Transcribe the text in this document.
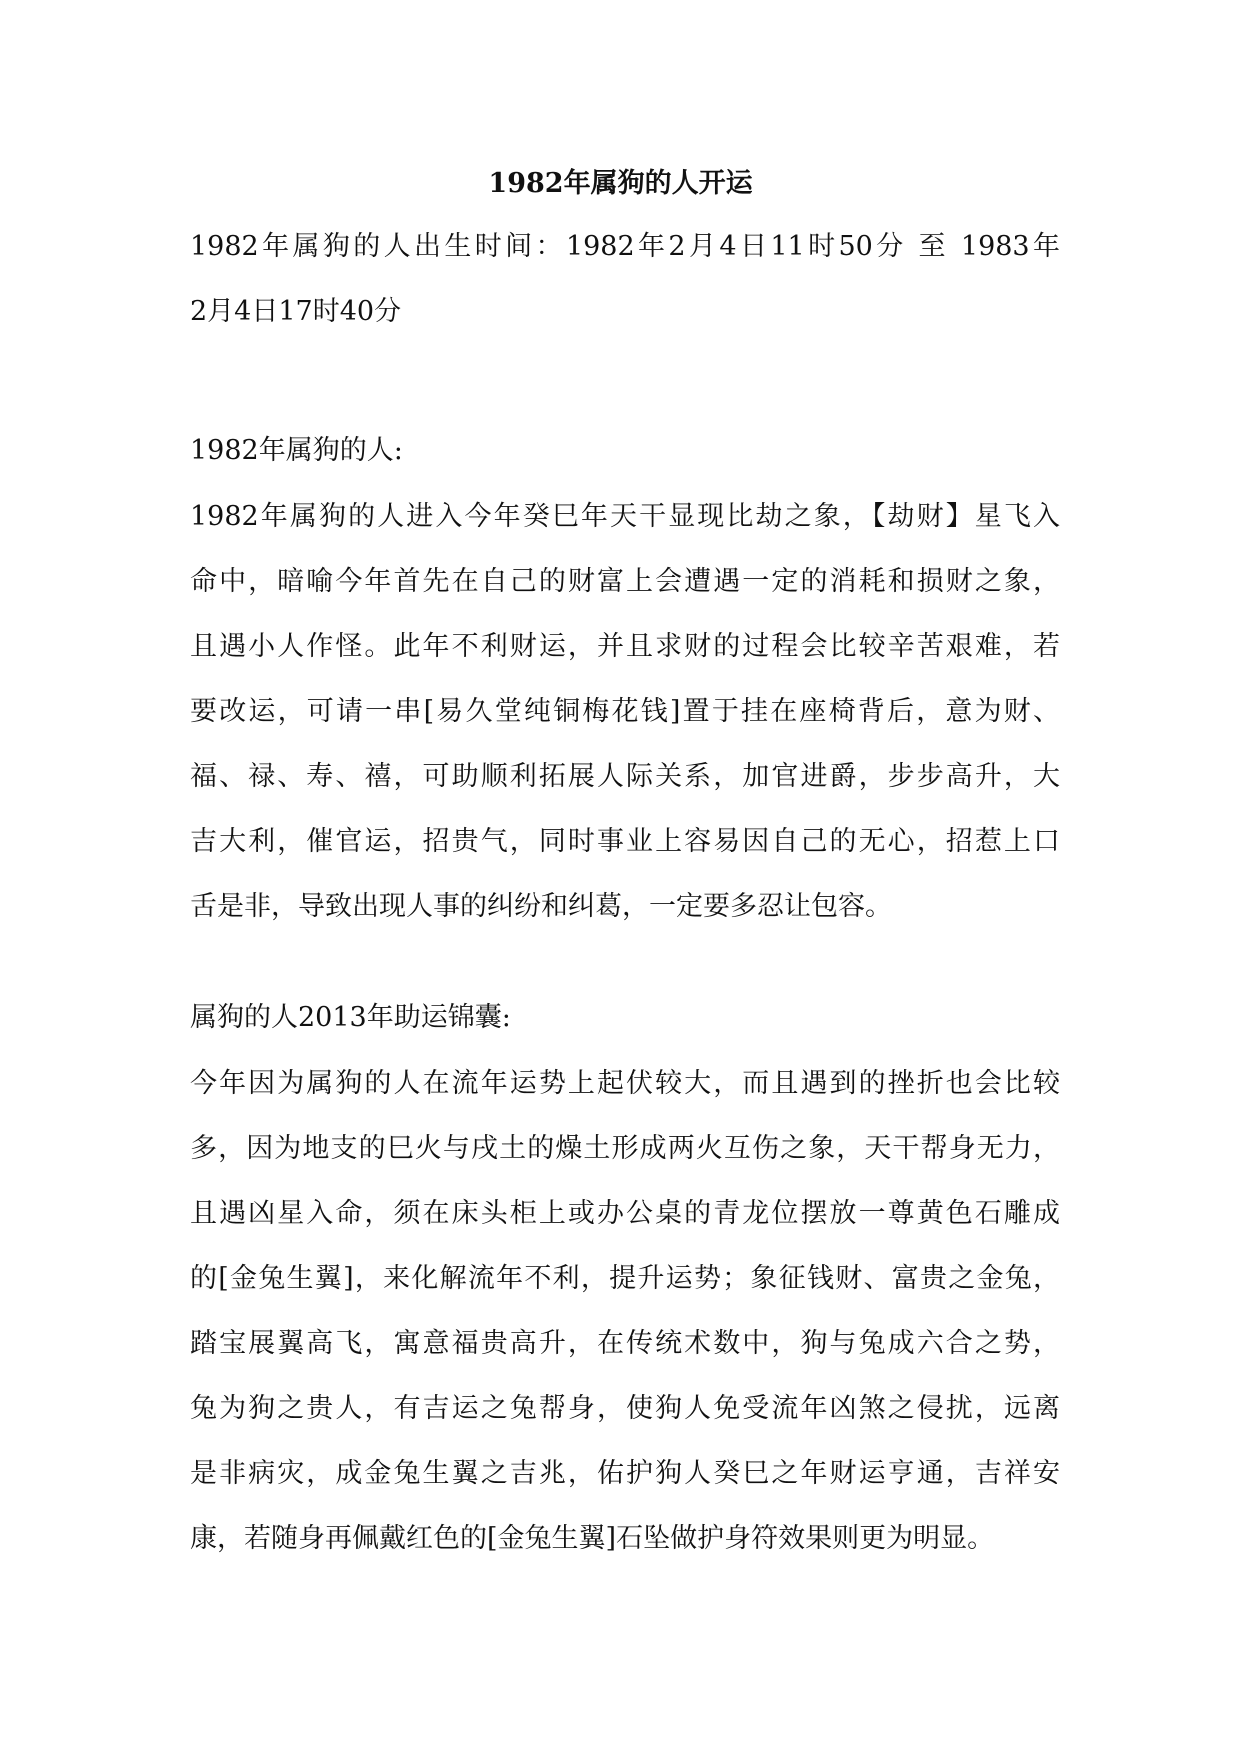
1982年属狗的人开运
1982年属狗的人出生时间：1982年2月4日11时50分 至 1983年
2月4日17时40分
1982年属狗的人:
1982年属狗的人进入今年癸巳年天干显现比劫之象，【劫财】星飞入
命中，暗喻今年首先在自己的财富上会遭遇一定的消耗和损财之象，
且遇小人作怪。此年不利财运，并且求财的过程会比较辛苦艰难，若
要改运，可请一串[易久堂纯铜梅花钱]置于挂在座椅背后，意为财、
福、禄、寿、禧，可助顺利拓展人际关系，加官进爵，步步高升，大
吉大利，催官运，招贵气，同时事业上容易因自己的无心，招惹上口
舌是非，导致出现人事的纠纷和纠葛，一定要多忍让包容。
属狗的人2013年助运锦囊:
今年因为属狗的人在流年运势上起伏较大，而且遇到的挫折也会比较
多，因为地支的巳火与戌土的燥土形成两火互伤之象，天干帮身无力，
且遇凶星入命，须在床头柜上或办公桌的青龙位摆放一尊黄色石雕成
的[金兔生翼]，来化解流年不利，提升运势；象征钱财、富贵之金兔，
踏宝展翼高飞，寓意福贵高升，在传统术数中，狗与兔成六合之势，
兔为狗之贵人，有吉运之兔帮身，使狗人免受流年凶煞之侵扰，远离
是非病灾，成金兔生翼之吉兆，佑护狗人癸巳之年财运亨通，吉祥安
康，若随身再佩戴红色的[金兔生翼]石坠做护身符效果则更为明显。
